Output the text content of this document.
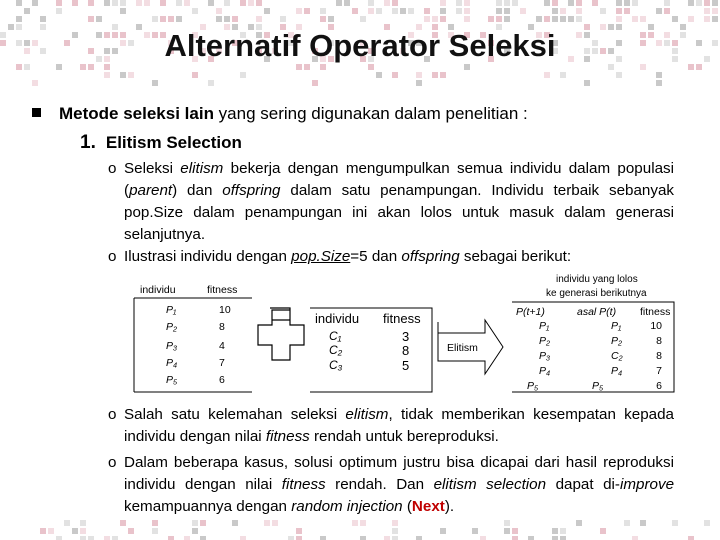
Alternatif Operator Seleksi
Metode seleksi lain yang sering digunakan dalam penelitian :
1. Elitism Selection
o Seleksi elitism bekerja dengan mengumpulkan semua individu dalam populasi (parent) dan offspring dalam satu penampungan. Individu terbaik sebanyak pop.Size dalam penampungan ini akan lolos untuk masuk dalam generasi selanjutnya.
o Ilustrasi individu dengan pop.Size=5 dan offspring sebagai berikut:
individu	fitness
individu fitness
Elitism
individu yang lolos
ke generasi berikutnya
P(t+1)	asal P(t) fitness
o Salah satu kelemahan seleksi elitism, tidak memberikan kesempatan kepada individu dengan nilai fitness rendah untuk bereproduksi.
o Dalam beberapa kasus, solusi optimum justru bisa dicapai dari hasil reproduksi individu dengan nilai fitness rendah. Dan elitism selection dapat di-improve kemampuannya dengan random injection (Next).
P₁	10
P₂	8
P₃	4
P₄	7
P₅	6
C₁	3
C₂	8
C₃	5
P₁	P₁	10
P₂	P₂	8
P₃	C₂	8
P₄	P₄	7
P₅	P₅	6
